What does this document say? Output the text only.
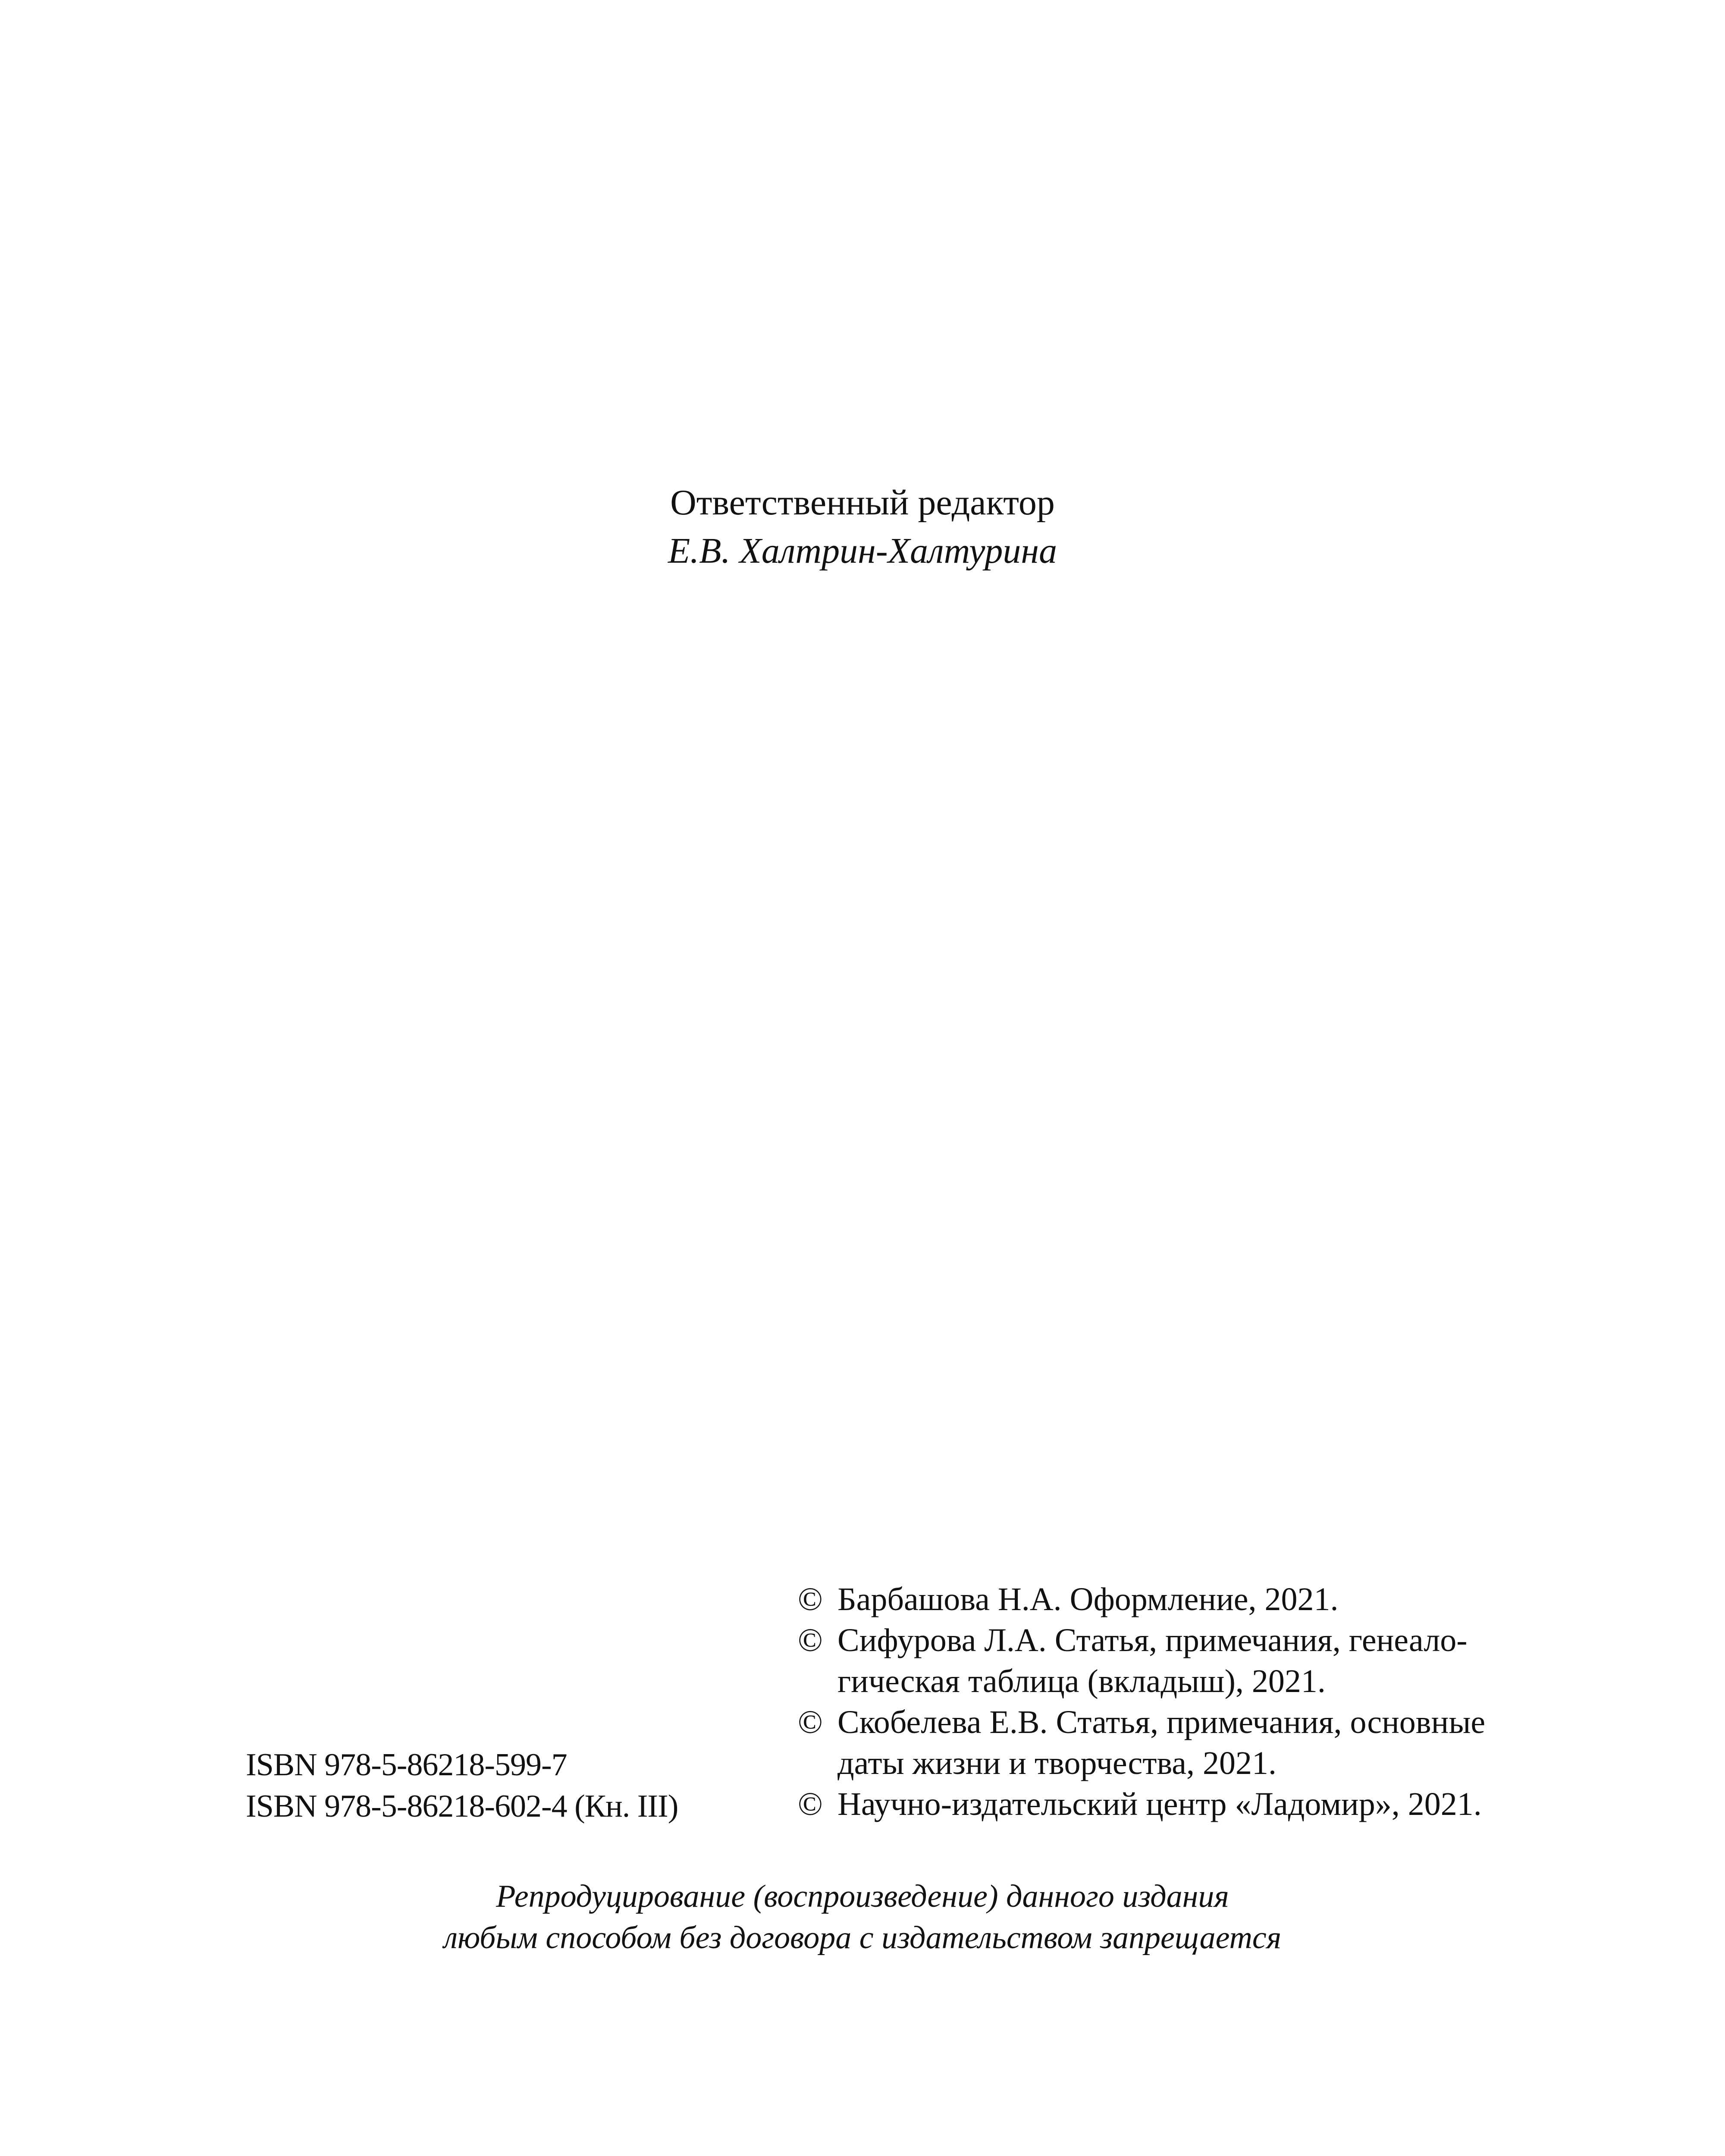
Ответственный редактор
Е.В. Халтрин-Халтурина
ISBN 978-5-86218-599-7
ISBN 978-5-86218-602-4 (Кн. III)
© Барбашова Н.А. Оформление, 2021.
© Сифурова Л.А. Статья, примечания, генеало-
гическая таблица (вкладыш), 2021.
© Скобелева Е.В. Статья, примечания, основные
даты жизни и творчества, 2021.
© Научно-издательский центр «Ладомир», 2021.
Репродуцирование (воспроизведение) данного издания
любым способом без договора с издательством запрещается
